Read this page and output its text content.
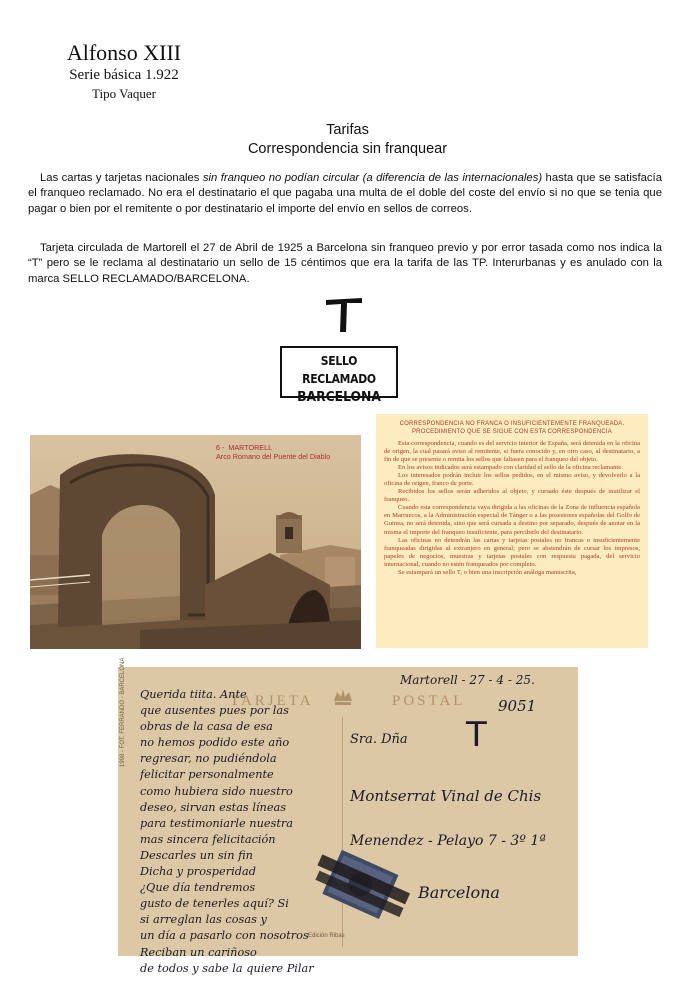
Alfonso XIII
Serie básica 1.922
Tipo Vaquer
Tarifas
Correspondencia sin franquear
Las cartas y tarjetas nacionales sin franqueo no podían circular (a diferencia de las internacionales) hasta que se satisfacía el franqueo reclamado. No era el destinatario el que pagaba una multa de el doble del coste del envío si no que se tenia que pagar o bien por el remitente o por destinatario el importe del envío en sellos de correos.
Tarjeta circulada de Martorell el 27 de Abril de 1925 a Barcelona sin franqueo previo y por error tasada como nos indica la “T” pero se le reclama al destinatario un sello de 15 céntimos que era la tarifa de las TP. Interurbanas y es anulado con la marca SELLO RECLAMADO/BARCELONA.
SELLO RECLAMADO
BARCELONA
6 - MARTORELL
Arco Romano del Puente del Diablo
CORRESPONDENCIA NO FRANCA O INSUFICIENTEMENTE FRANQUEADA. PROCEDIMIENTO QUE SE SIGUE CON ESTA CORRESPONDENCIA

Esta correspondencia, cuando es del servicio interior de España, será detenida en la oficina de origen, la cual pasará aviso al remitente, si fuera conocido y, en otro caso, al destinatario, a fin de que se presente o remita los sellos que faltasen para el franqueo del objeto.

En los avisos indicados será estampado con claridad el sello de la oficina reclamante.

Los interesados podrán incluir los sellos pedidos, en el mismo aviso, y devolverlo a la oficina de origen, franco de porte.

Recibidos los sellos serán adheridos al objeto, y cursado éste después de inutilizar el franqueo.

Cuando esta correspondencia vaya dirigida a las oficinas de la Zona de influencia española en Marruecos, a la Administración especial de Tánger o a las posesiones españolas del Golfo de Guinea, no será detenida, sino que será cursada a destino por separado, después de anotar en la misma el importe del franqueo insuficiente, para percibirlo del destinatario.

Las oficinas no detendrán las cartas y tarjetas postales no francas o insuficientemente franqueadas dirigidas al extranjero en general; pero se abstendrán de cursar los impresos, papeles de negocios, muestras y tarjetas postales con respuesta pagada, del servicio internacional, cuando no estén franqueados por completo.

Se estampará un sello T, o bien una inscripción análoga manuscrita,

TARJETA	POSTAL
1998 - FOT. FERRANDO - BARCELONA Querida tiita. Ante
que ausentes pues por las
obras de la casa de esa
no hemos podido este año
regresar, no pudiéndola
felicitar personalmente
como hubiera sido nuestro
deseo, sirvan estas líneas
para testimoniarle nuestra
mas sincera felicitación
Descarles un sin fin
Dicha y prosperidad
¿Que día tendremos
gusto de tenerles aquí? Si
si arreglan las cosas y
un día a pasarlo con nosotros
Reciban un cariñoso
de todos y sabe la quiere Pilar
Martorell - 27 - 4 - 25.
9051
T
Sra. Dña
Montserrat Vinal de Chis
Menendez - Pelayo 7 - 3º 1ª
Barcelona
Edición Ribas
